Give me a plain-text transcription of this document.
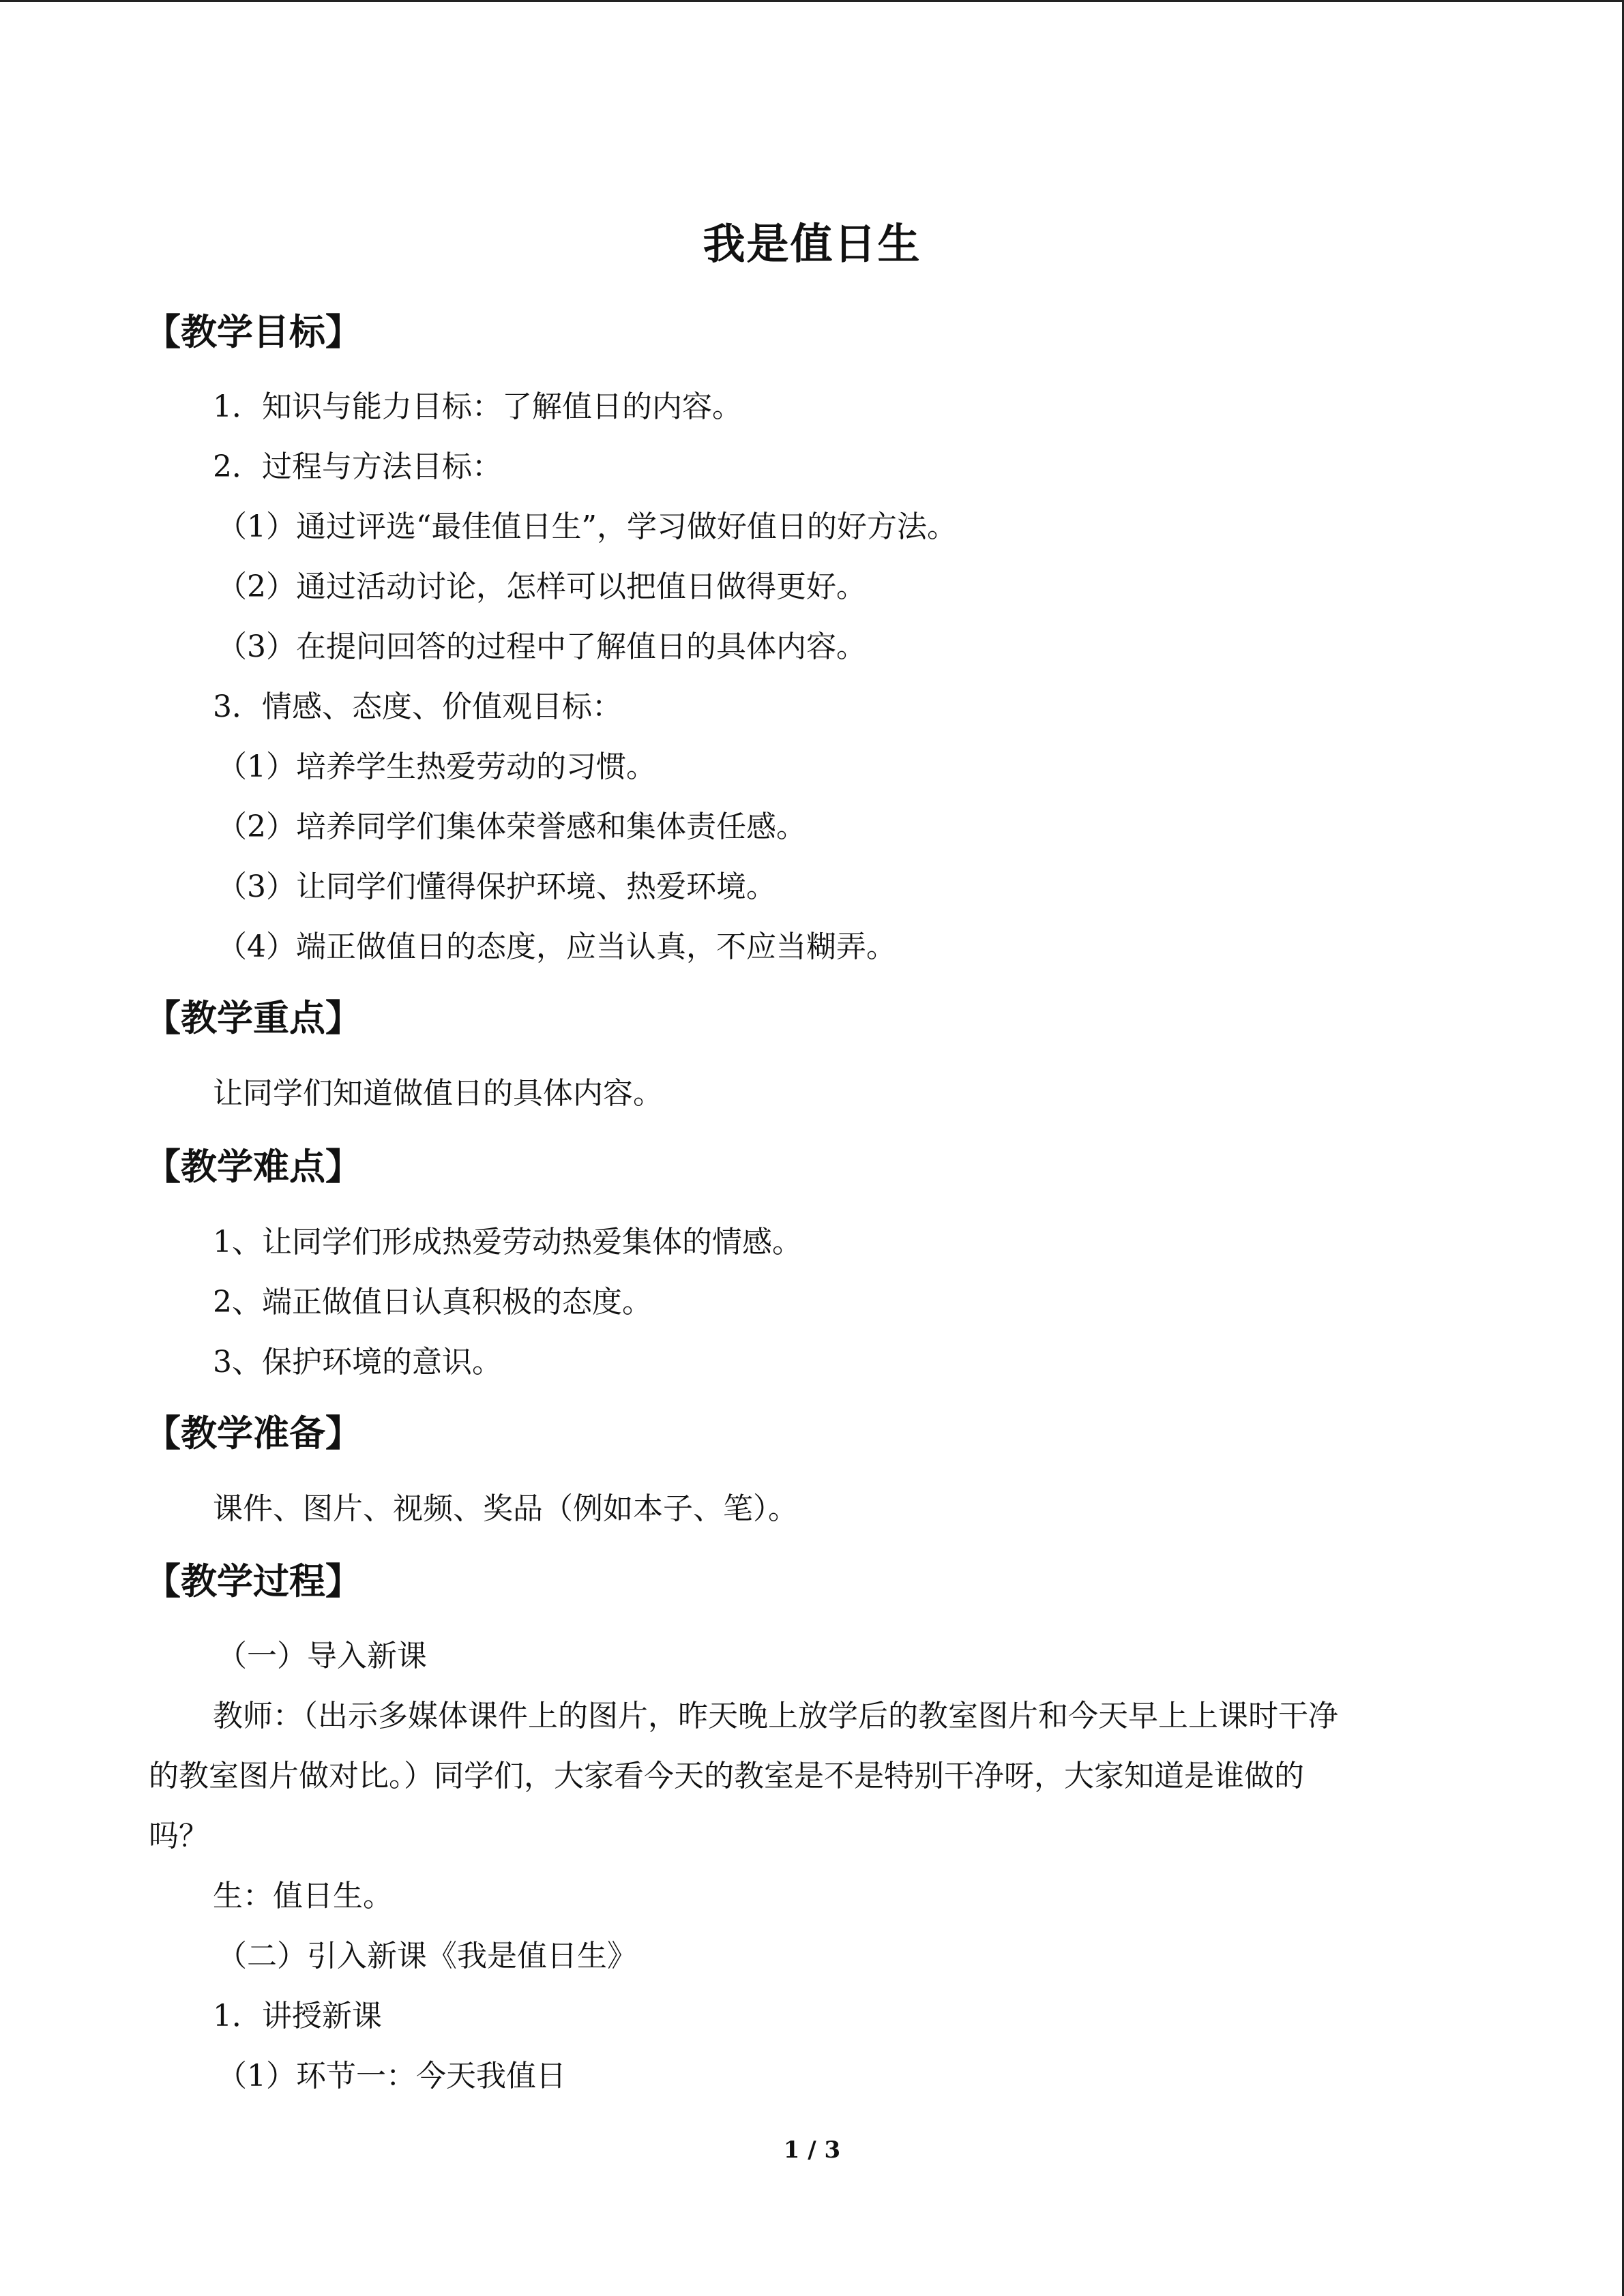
我是值日生
【教学目标】
1．知识与能力目标：了解值日的内容。
2．过程与方法目标：
（1）通过评选“最佳值日生”，学习做好值日的好方法。
（2）通过活动讨论，怎样可以把值日做得更好。
（3）在提问回答的过程中了解值日的具体内容。
3．情感、态度、价值观目标：
（1）培养学生热爱劳动的习惯。
（2）培养同学们集体荣誉感和集体责任感。
（3）让同学们懂得保护环境、热爱环境。
（4）端正做值日的态度，应当认真，不应当糊弄。
【教学重点】
让同学们知道做值日的具体内容。
【教学难点】
1、让同学们形成热爱劳动热爱集体的情感。
2、端正做值日认真积极的态度。
3、保护环境的意识。
【教学准备】
课件、图片、视频、奖品（例如本子、笔）。
【教学过程】
（一）导入新课
教师：（出示多媒体课件上的图片，昨天晚上放学后的教室图片和今天早上上课时干净
的教室图片做对比。）同学们，大家看今天的教室是不是特别干净呀，大家知道是谁做的
吗？
生：值日生。
（二）引入新课《我是值日生》
1．讲授新课
（1）环节一：今天我值日
1 / 3
